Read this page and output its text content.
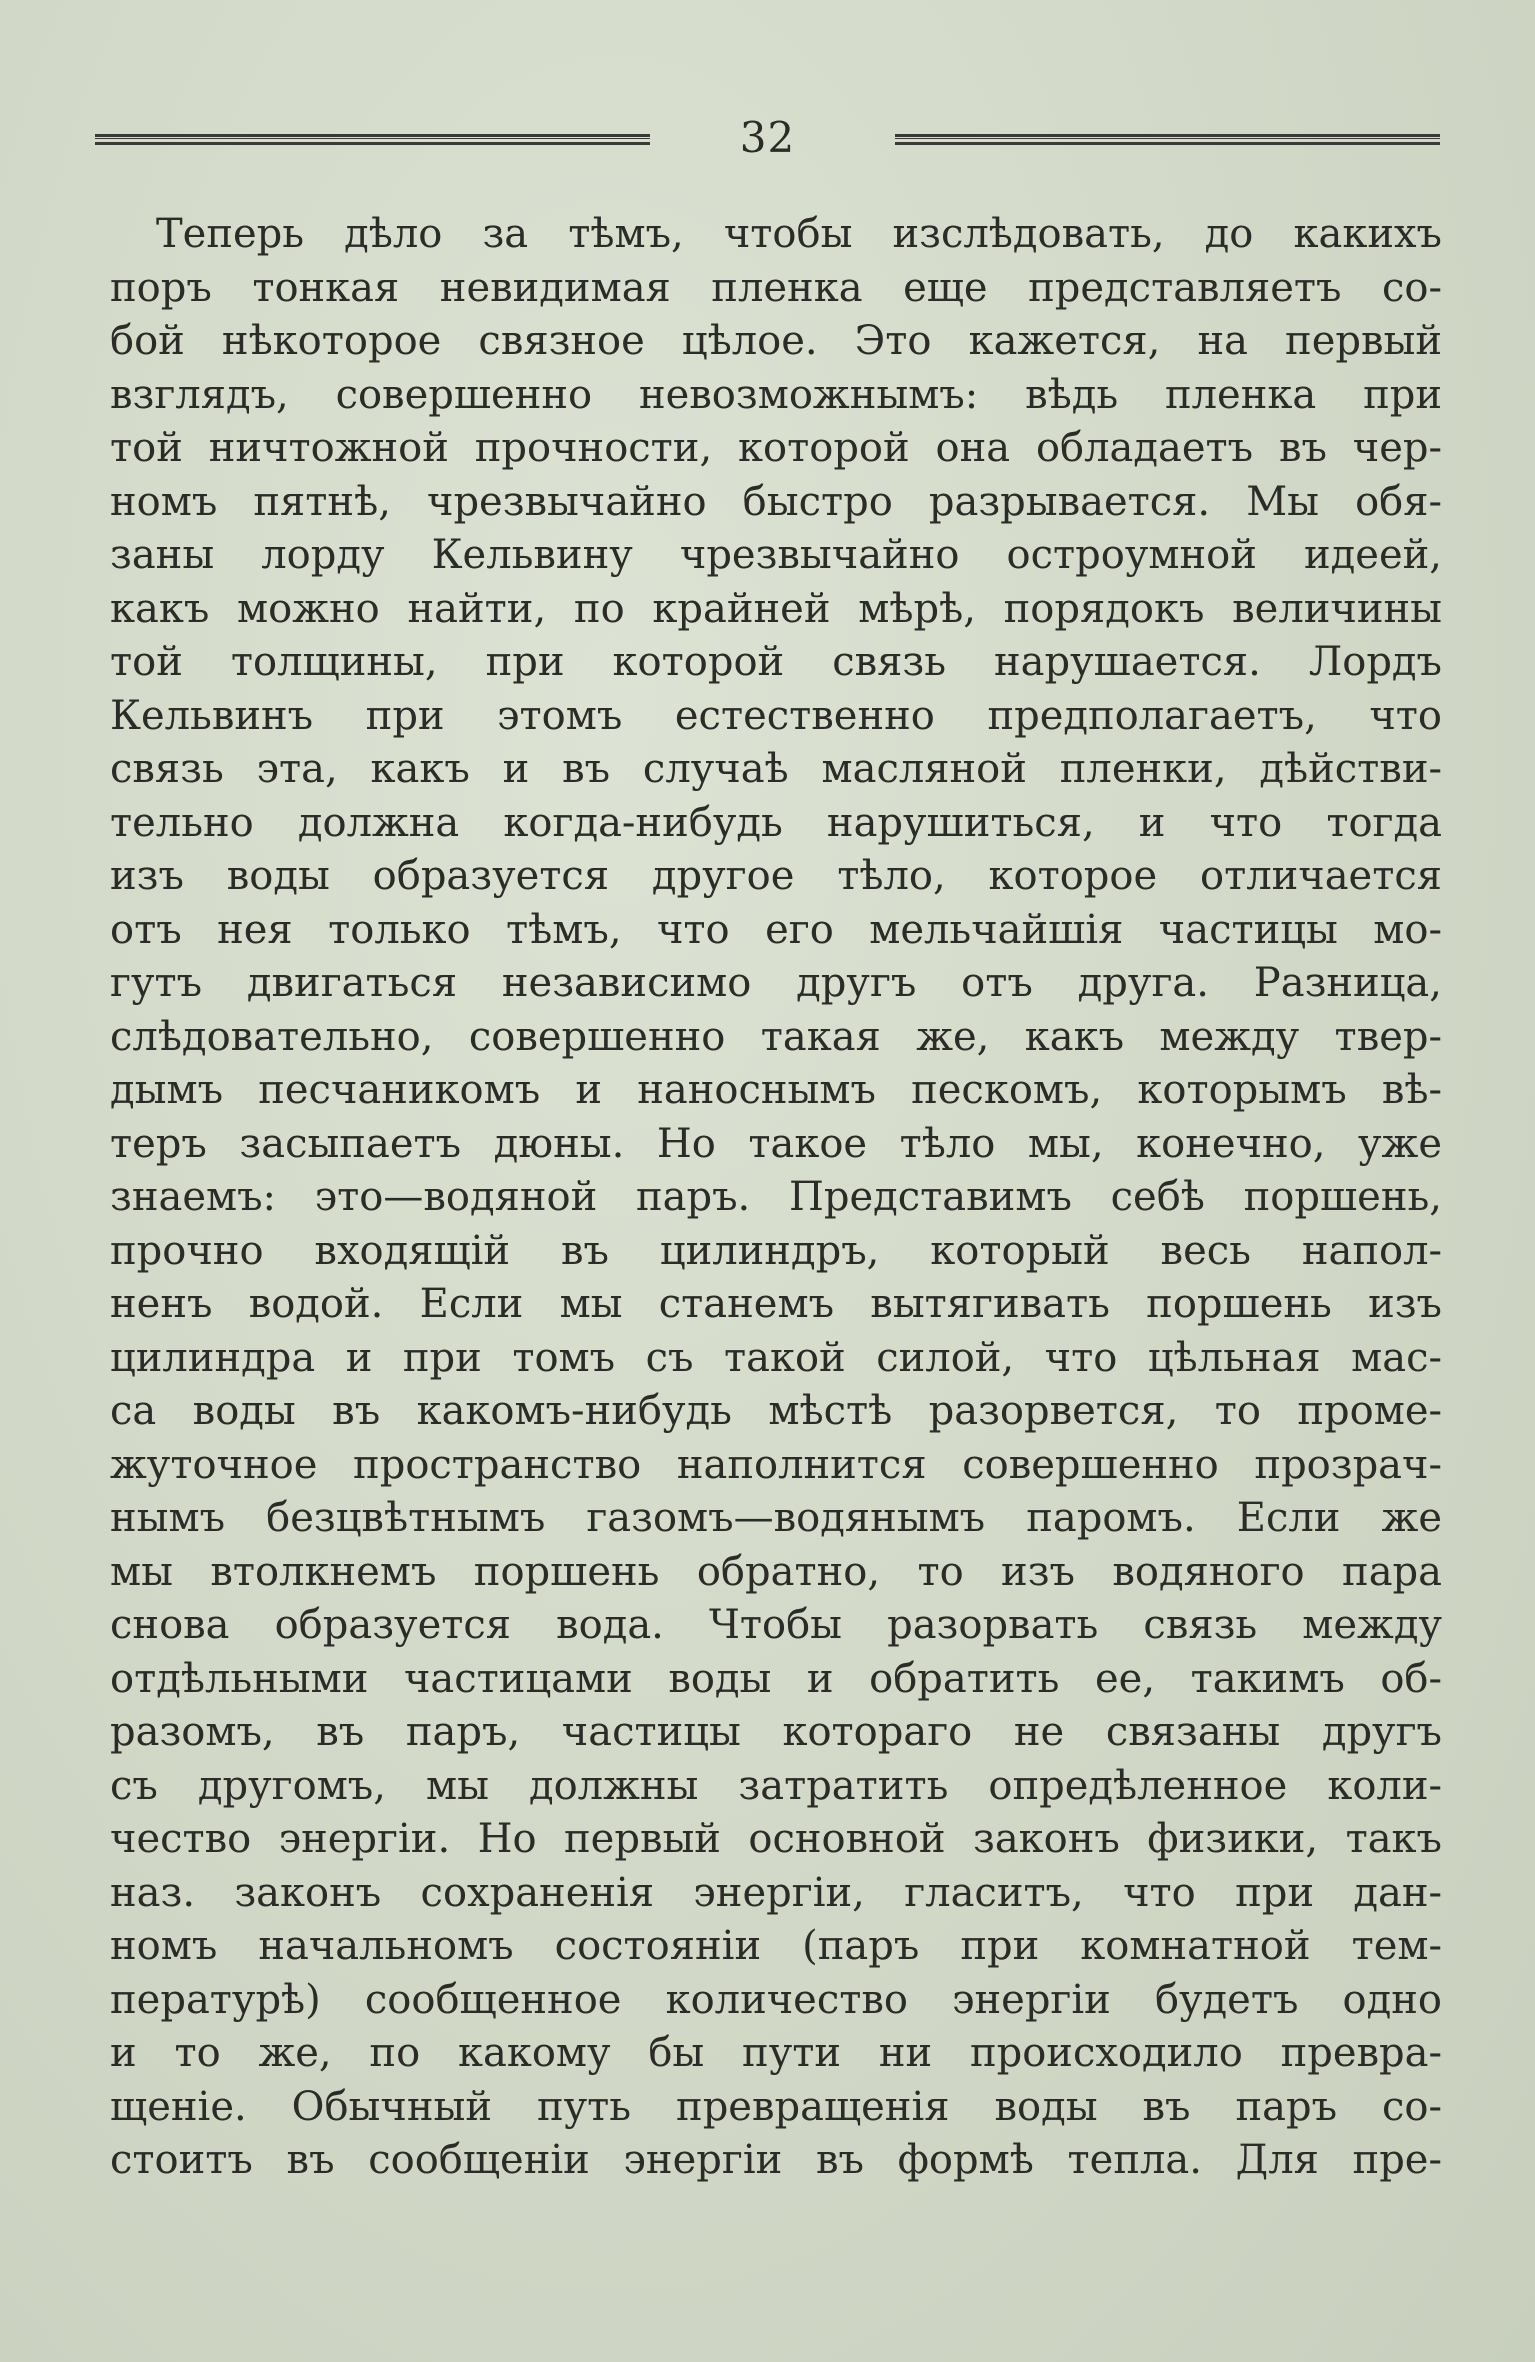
32
Теперь дѣло за тѣмъ, чтобы изслѣдовать, до какихъ
поръ тонкая невидимая пленка еще представляетъ со-
бой нѣкоторое связное цѣлое. Это кажется, на первый
взглядъ, совершенно невозможнымъ: вѣдь пленка при
той ничтожной прочности, которой она обладаетъ въ чер-
номъ пятнѣ, чрезвычайно быстро разрывается. Мы обя-
заны лорду Кельвину чрезвычайно остроумной идеей,
какъ можно найти, по крайней мѣрѣ, порядокъ величины
той толщины, при которой связь нарушается. Лордъ
Кельвинъ при этомъ естественно предполагаетъ, что
связь эта, какъ и въ случаѣ масляной пленки, дѣйстви-
тельно должна когда-нибудь нарушиться, и что тогда
изъ воды образуется другое тѣло, которое отличается
отъ нея только тѣмъ, что его мельчайшія частицы мо-
гутъ двигаться независимо другъ отъ друга. Разница,
слѣдовательно, совершенно такая же, какъ между твер-
дымъ песчаникомъ и наноснымъ пескомъ, которымъ вѣ-
теръ засыпаетъ дюны. Но такое тѣло мы, конечно, уже
знаемъ: это—водяной паръ. Представимъ себѣ поршень,
прочно входящій въ цилиндръ, который весь напол-
ненъ водой. Если мы станемъ вытягивать поршень изъ
цилиндра и при томъ съ такой силой, что цѣльная мас-
са воды въ какомъ-нибудь мѣстѣ разорвется, то проме-
жуточное пространство наполнится совершенно прозрач-
нымъ безцвѣтнымъ газомъ—водянымъ паромъ. Если же
мы втолкнемъ поршень обратно, то изъ водяного пара
снова образуется вода. Чтобы разорвать связь между
отдѣльными частицами воды и обратить ее, такимъ об-
разомъ, въ паръ, частицы котораго не связаны другъ
съ другомъ, мы должны затратить опредѣленное коли-
чество энергіи. Но первый основной законъ физики, такъ
наз. законъ сохраненія энергіи, гласитъ, что при дан-
номъ начальномъ состояніи (паръ при комнатной тем-
пературѣ) сообщенное количество энергіи будетъ одно
и то же, по какому бы пути ни происходило превра-
щеніе. Обычный путь превращенія воды въ паръ со-
стоитъ въ сообщеніи энергіи въ формѣ тепла. Для пре-
